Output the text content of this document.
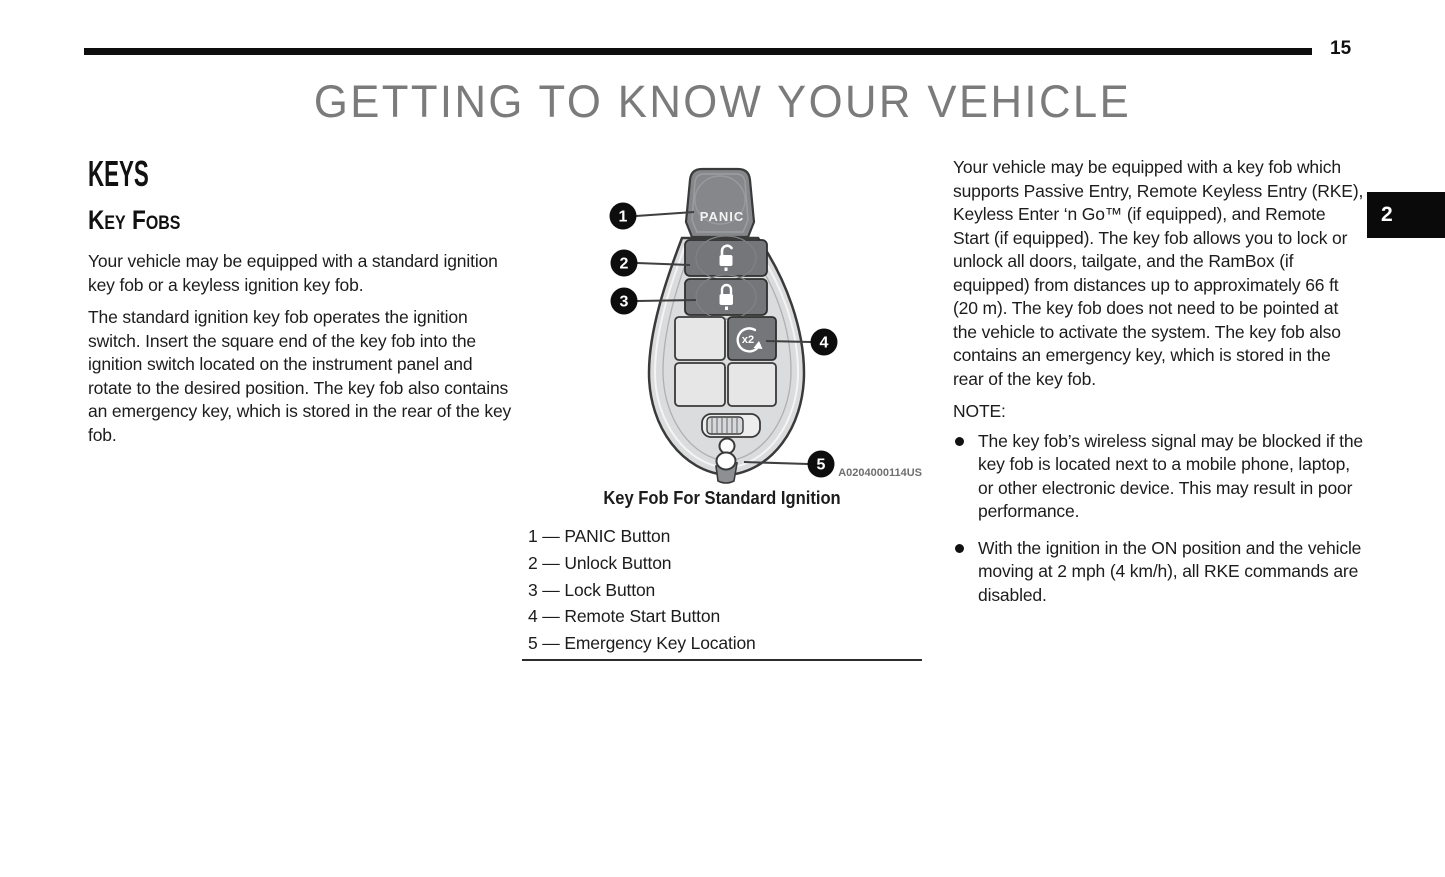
15
GETTING TO KNOW YOUR VEHICLE
2
KEYS
Key Fobs

Your vehicle may be equipped with a standard ignition key fob or a keyless ignition key fob.

The standard ignition key fob operates the ignition switch. Insert the square end of the key fob into the ignition switch located on the instrument panel and rotate to the desired position. The key fob also contains an emergency key, which is stored in the rear of the key fob.

PANIC
x2
1
2
3
4
5 A0204000114US
Key Fob For Standard Ignition
1 — PANIC Button
2 — Unlock Button
3 — Lock Button
4 — Remote Start Button
5 — Emergency Key Location

Your vehicle may be equipped with a key fob which supports Passive Entry, Remote Keyless Entry (RKE), Keyless Enter ‘n Go™ (if equipped), and Remote Start (if equipped). The key fob allows you to lock or unlock all doors, tailgate, and the RamBox (if equipped) from distances up to approximately 66 ft (20 m). The key fob does not need to be pointed at the vehicle to activate the system. The key fob also contains an emergency key, which is stored in the rear of the key fob.

NOTE:
The key fob’s wireless signal may be blocked if the key fob is located next to a mobile phone, laptop, or other electronic device. This may result in poor performance.
With the ignition in the ON position and the vehicle moving at 2 mph (4 km/h), all RKE commands are disabled.
